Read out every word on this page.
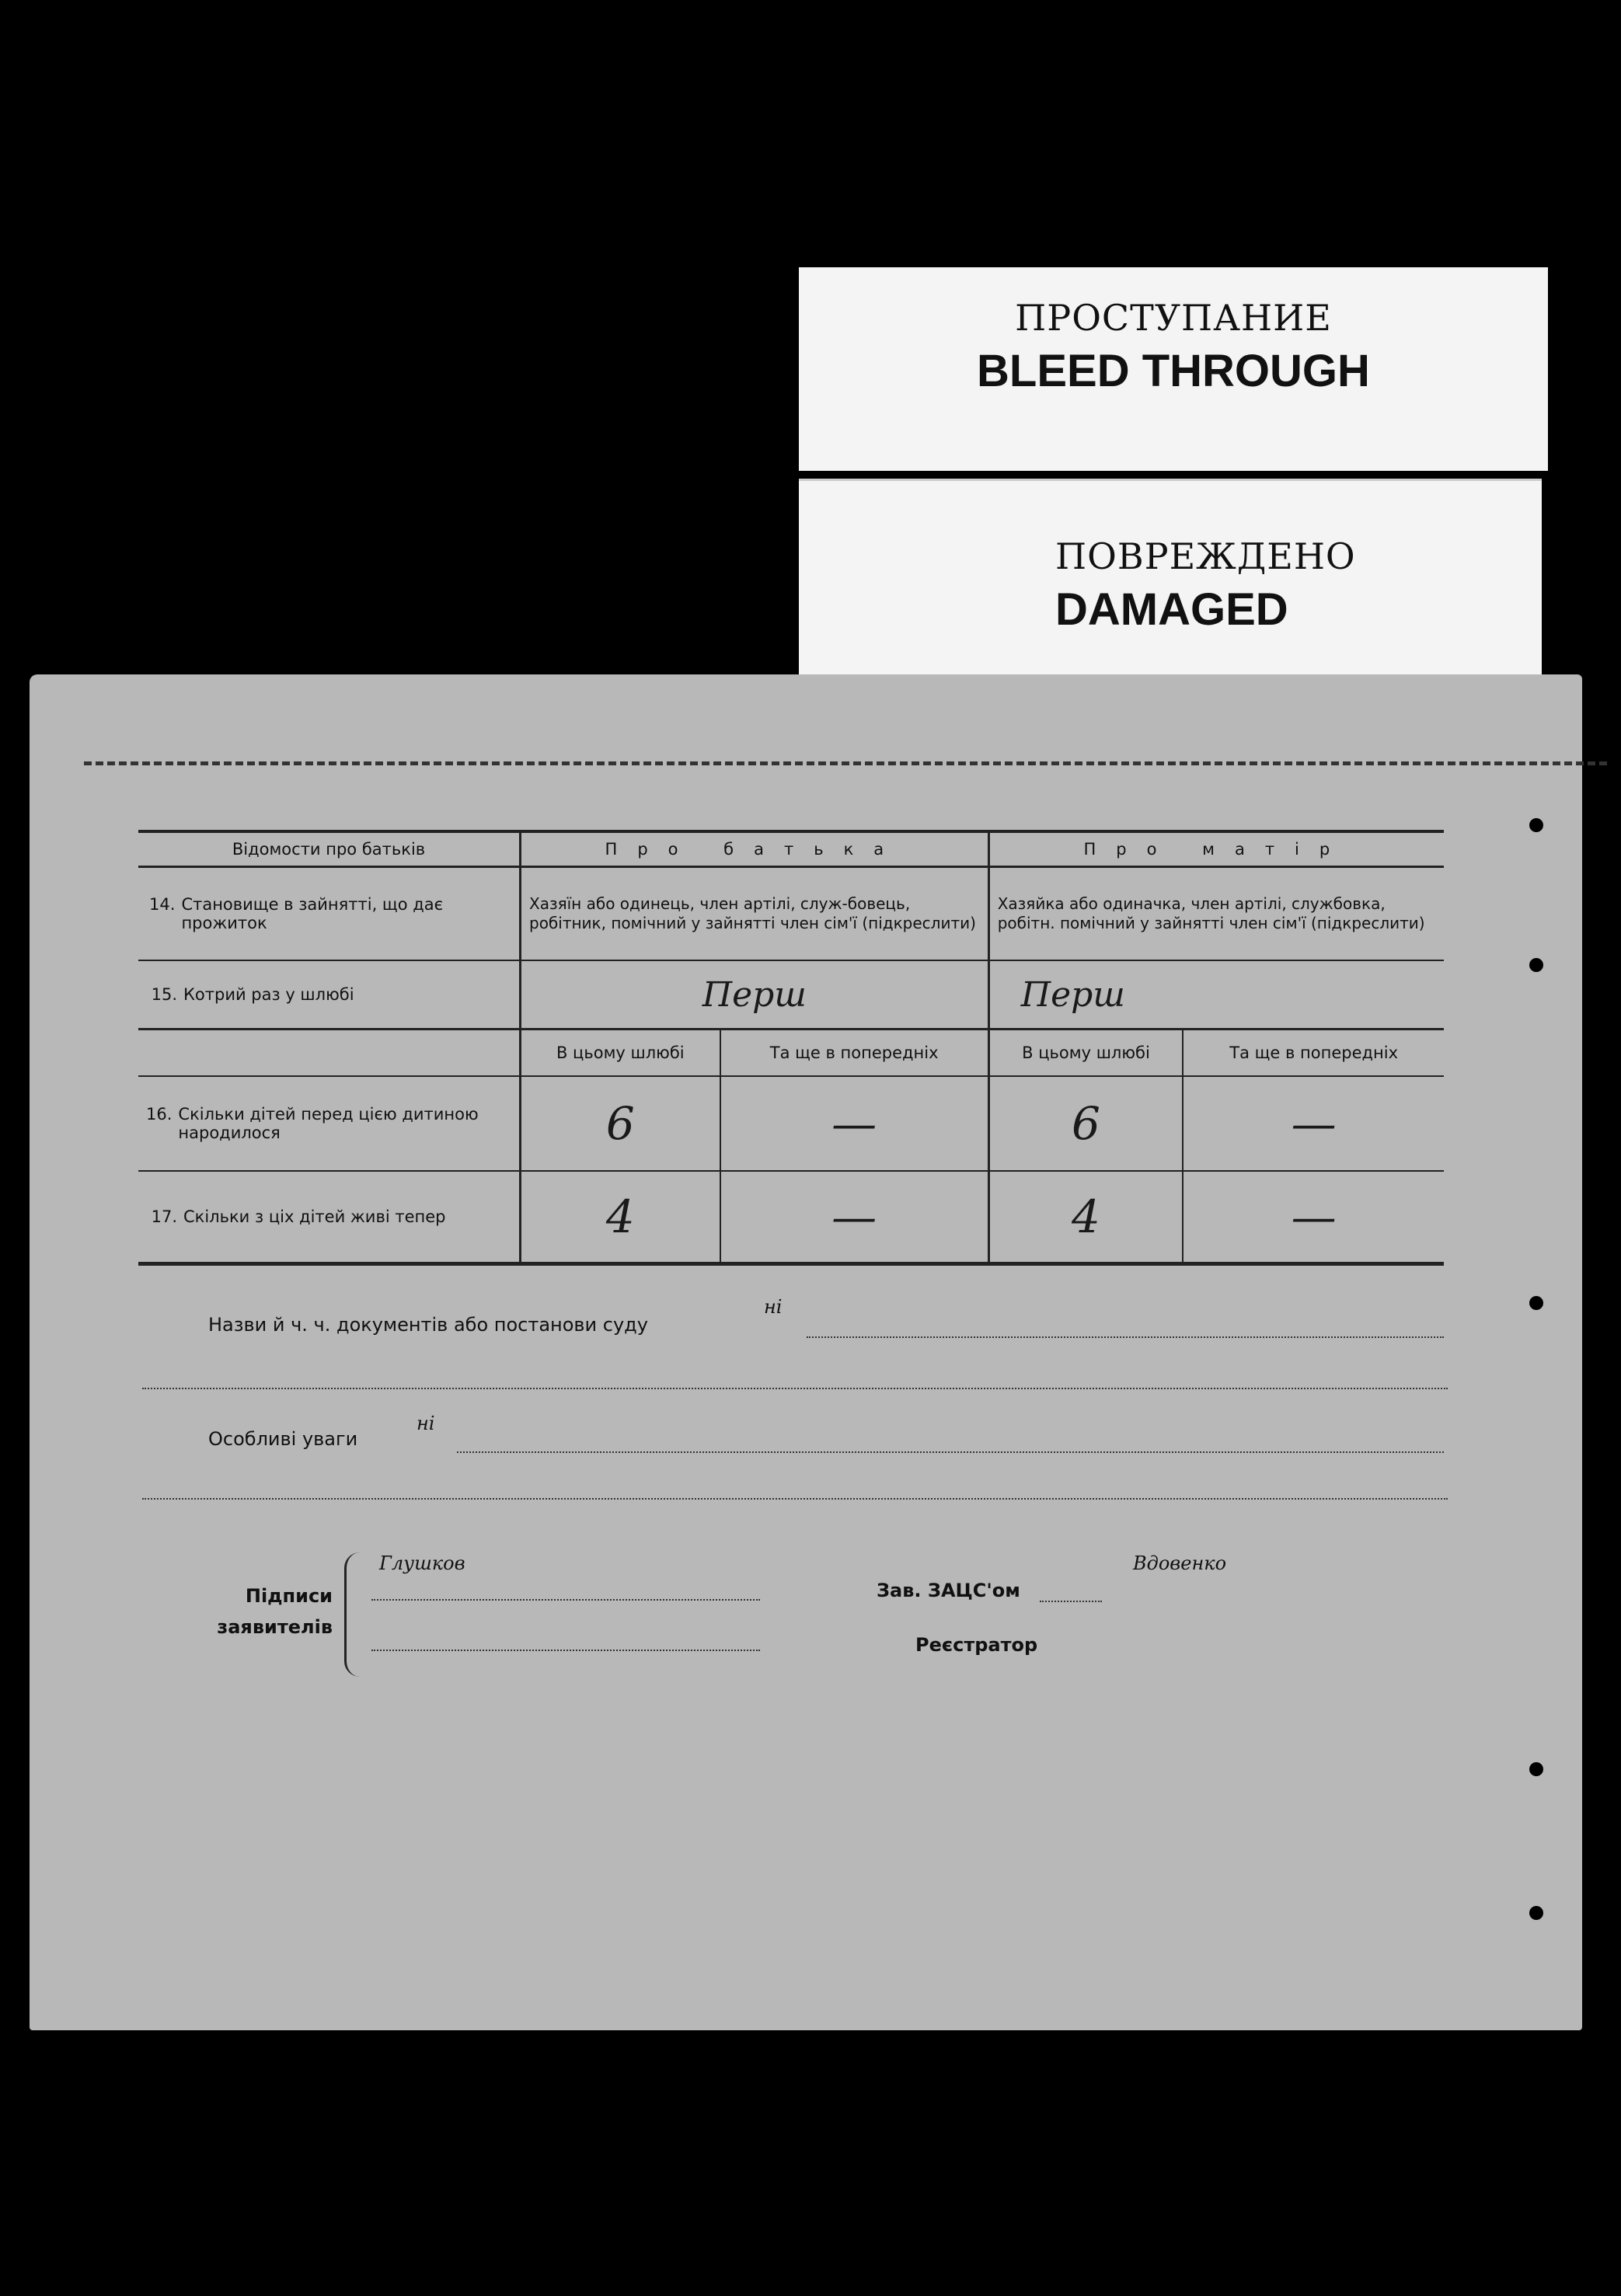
ПРОСТУПАНИЕ
BLEED THROUGH
ПОВРЕЖДЕНО
DAMAGED
Відомости про батьків	Про батька		Про матір	

14. Становище в зайнятті, що дає прожиток	Хазяїн або одинець, член артілі, служ-бовець, робітник, помічний у зайнятті член сім'ї (підкреслити)		Хазяйка або одиначка, член артілі, службовка, робітн. помічний у зайнятті член сім'ї (підкреслити)	

15. Котрий раз у шлюбі	Перш		Перш	
	В цьому шлюбі	Та ще в попередніх	В цьому шлюбі	Та ще в попередніх

16. Скільки дітей перед цією дитиною народилося	6	—	6	—

17. Скільки з ціх дітей живі тепер	4	—	4	—
Назви й ч. ч. документів або постанови суду
ні
Особливі уваги
ні
Підписи
заявителів
Глушков
Зав. ЗАЦС'ом
Вдовенко
Реєстратор
